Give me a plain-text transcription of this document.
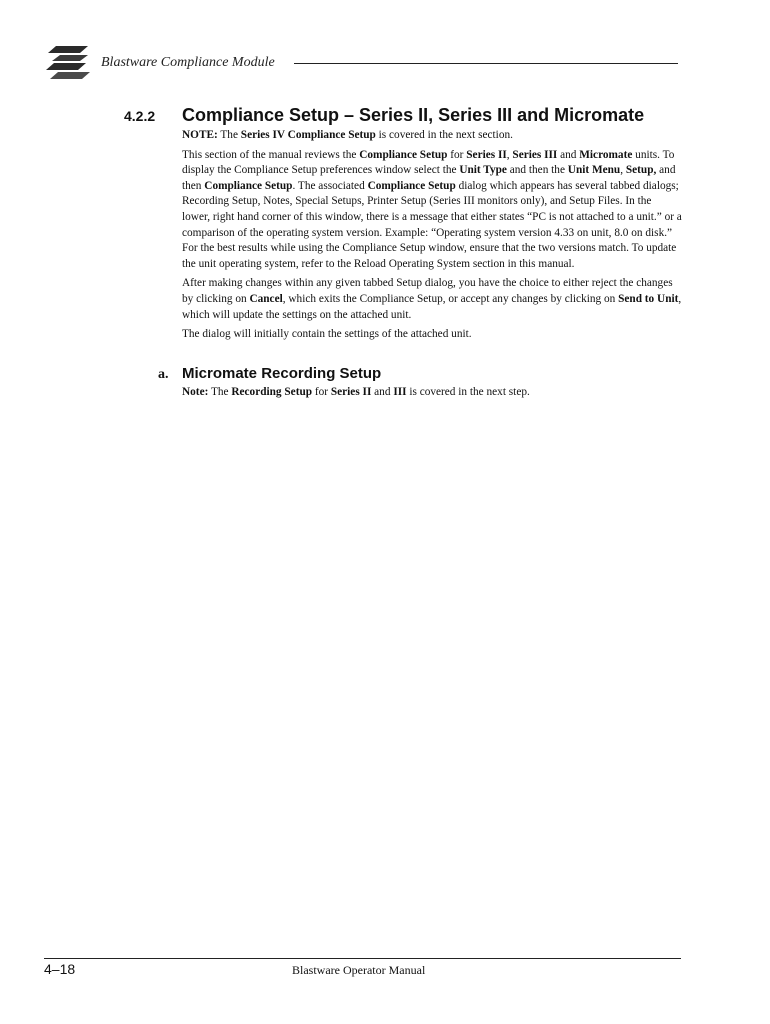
Blastware Compliance Module
4.2.2 Compliance Setup – Series II, Series III and Micromate

NOTE: The Series IV Compliance Setup is covered in the next section.

This section of the manual reviews the Compliance Setup for Series II, Series III and Micromate units. To display the Compliance Setup preferences window select the Unit Type and then the Unit Menu, Setup, and then Compliance Setup. The associated Compliance Setup dialog which appears has several tabbed dialogs; Recording Setup, Notes, Special Setups, Printer Setup (Series III monitors only), and Setup Files. In the lower, right hand corner of this window, there is a message that either states “PC is not attached to a unit.” or a comparison of the operating system version. Example: “Operating system version 4.33 on unit, 8.0 on disk.” For the best results while using the Compliance Setup window, ensure that the two versions match. To update the unit operating system, refer to the Reload Operating System section in this manual.

After making changes within any given tabbed Setup dialog, you have the choice to either reject the changes by clicking on Cancel, which exits the Compliance Setup, or accept any changes by clicking on Send to Unit, which will update the settings on the attached unit.

The dialog will initially contain the settings of the attached unit.

a. Micromate Recording Setup
Note: The Recording Setup for Series II and III is covered in the next step.
4–18	Blastware Operator Manual
